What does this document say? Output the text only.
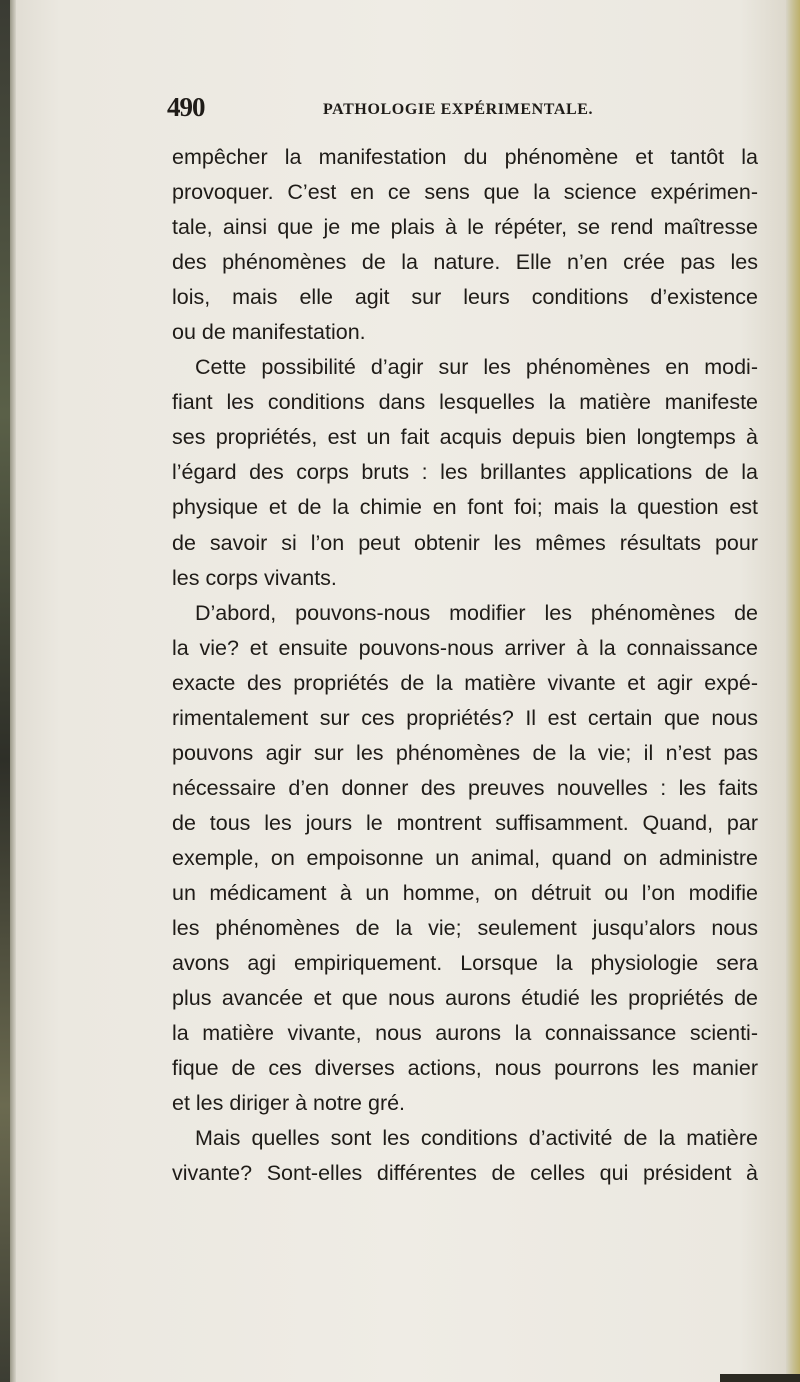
490	PATHOLOGIE EXPÉRIMENTALE.
empêcher la manifestation du phénomène et tantôt la
provoquer. C’est en ce sens que la science expérimen-
tale, ainsi que je me plais à le répéter, se rend maîtresse
des phénomènes de la nature. Elle n’en crée pas les
lois, mais elle agit sur leurs conditions d’existence
ou de manifestation.
Cette possibilité d’agir sur les phénomènes en modi-
fiant les conditions dans lesquelles la matière manifeste
ses propriétés, est un fait acquis depuis bien longtemps à
l’égard des corps bruts : les brillantes applications de la
physique et de la chimie en font foi; mais la question est
de savoir si l’on peut obtenir les mêmes résultats pour
les corps vivants.
D’abord, pouvons-nous modifier les phénomènes de
la vie? et ensuite pouvons-nous arriver à la connaissance
exacte des propriétés de la matière vivante et agir expé-
rimentalement sur ces propriétés? Il est certain que nous
pouvons agir sur les phénomènes de la vie; il n’est pas
nécessaire d’en donner des preuves nouvelles : les faits
de tous les jours le montrent suffisamment. Quand, par
exemple, on empoisonne un animal, quand on administre
un médicament à un homme, on détruit ou l’on modifie
les phénomènes de la vie; seulement jusqu’alors nous
avons agi empiriquement. Lorsque la physiologie sera
plus avancée et que nous aurons étudié les propriétés de
la matière vivante, nous aurons la connaissance scienti-
fique de ces diverses actions, nous pourrons les manier
et les diriger à notre gré.
Mais quelles sont les conditions d’activité de la matière
vivante? Sont-elles différentes de celles qui président à
